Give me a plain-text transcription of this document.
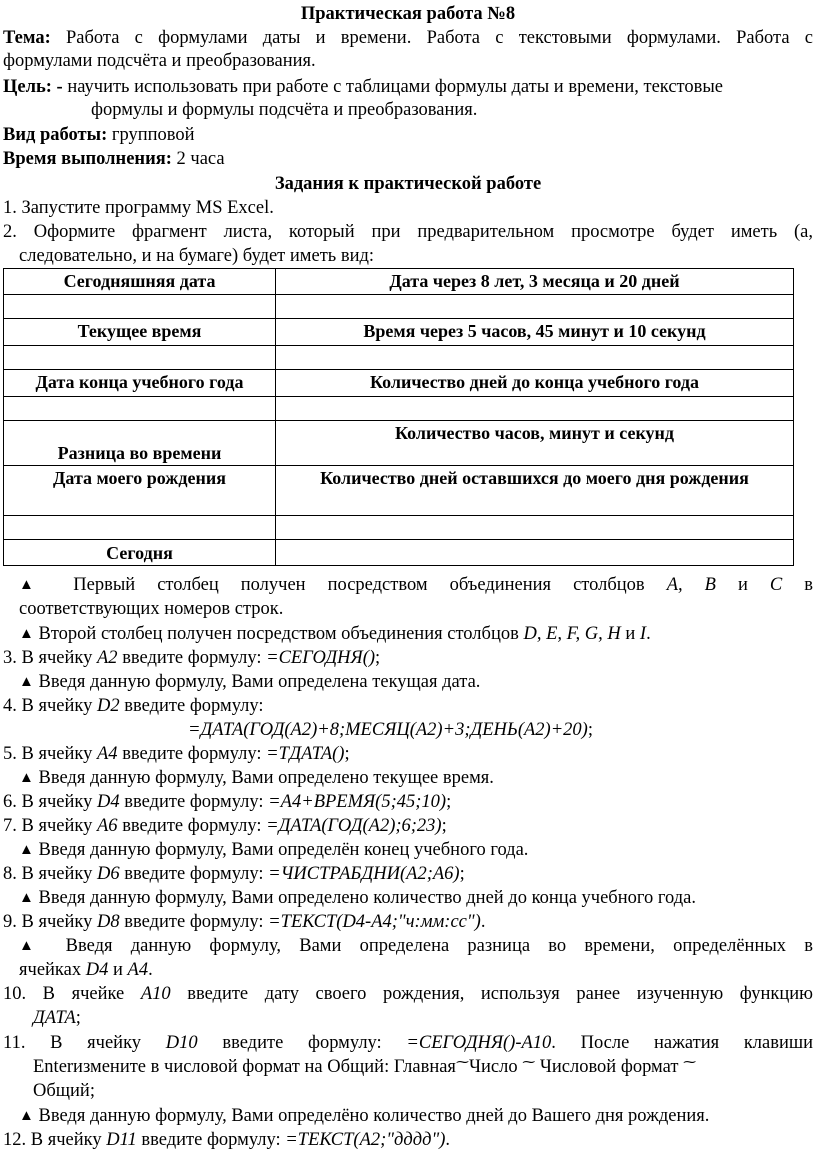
Практическая работа №8
Тема: Работа с формулами даты и времени. Работа с текстовыми формулами. Работа с
формулами подсчёта и преобразования.
Цель: - научить использовать при работе с таблицами формулы даты и времени, текстовые
формулы и формулы подсчёта и преобразования.
Вид работы: групповой
Время выполнения: 2 часа
Задания к практической работе
1. Запустите программу MS Excel.
2. Оформите фрагмент листа, который при предварительном просмотре будет иметь (а,
следовательно, и на бумаге) будет иметь вид:
Сегодняшняя дата	Дата через 8 лет, 3 месяца и 20 дней

Текущее время	Время через 5 часов, 45 минут и 10 секунд

Дата конца учебного года	Количество дней до конца учебного года

Разница во времени	Количество часов, минут и секунд
Дата моего рождения	Количество дней оставшихся до моего дня рождения

Сегодня	
▲ Первый столбец получен посредством объединения столбцов A, B и C в
соответствующих номеров строк.
▲ Второй столбец получен посредством объединения столбцов D, E, F, G, H и I.
3. В ячейку A2 введите формулу: =СЕГОДНЯ();
▲ Введя данную формулу, Вами определена текущая дата.
4. В ячейку D2 введите формулу:
=ДАТА(ГОД(A2)+8;МЕСЯЦ(A2)+3;ДЕНЬ(A2)+20);
5. В ячейку A4 введите формулу: =ТДАТА();
▲ Введя данную формулу, Вами определено текущее время.
6. В ячейку D4 введите формулу: =A4+ВРЕМЯ(5;45;10);
7. В ячейку A6 введите формулу: =ДАТА(ГОД(A2);6;23);
▲ Введя данную формулу, Вами определён конец учебного года.
8. В ячейку D6 введите формулу: =ЧИСТРАБДНИ(A2;A6);
▲ Введя данную формулу, Вами определено количество дней до конца учебного года.
9. В ячейку D8 введите формулу: =ТЕКСТ(D4-A4;"ч:мм:сс").
▲ Введя данную формулу, Вами определена разница во времени, определённых в
ячейках D4 и A4.
10. В ячейке A10 введите дату своего рождения, используя ранее изученную функцию
ДАТА;
11. В ячейку D10 введите формулу: =СЕГОДНЯ()-A10. После нажатия клавиши
Enterизмените в числовой формат на Общий: Главная⁓Число ⁓ Числовой формат ⁓
Общий;
▲ Введя данную формулу, Вами определёно количество дней до Вашего дня рождения.
12. В ячейку D11 введите формулу: =ТЕКСТ(A2;"дддд").
